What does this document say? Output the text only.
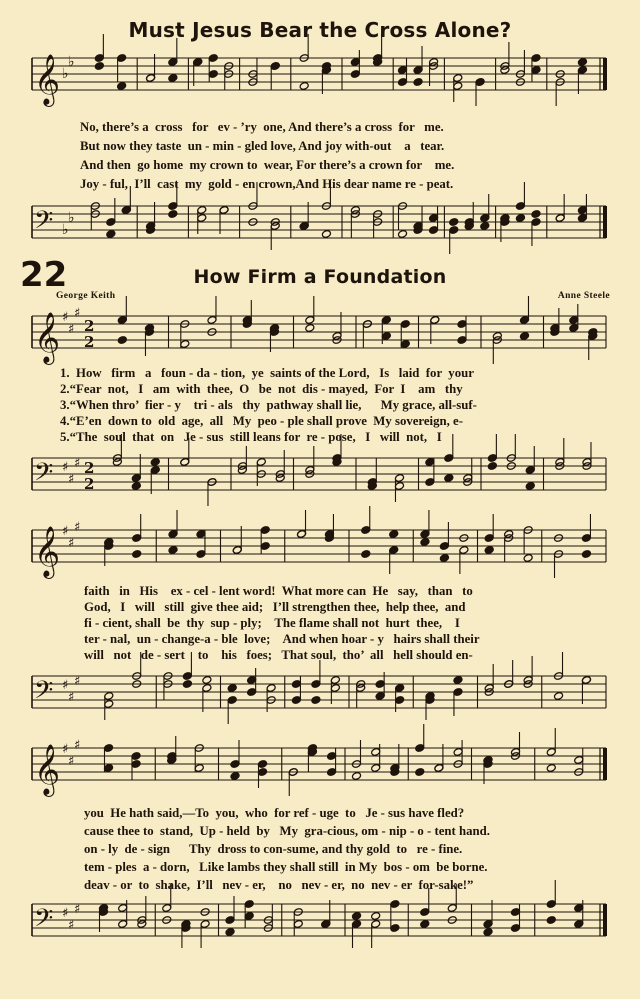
Must Jesus Bear the Cross Alone?
𝄞 ♭
♭
No, there’s a  cross   for   ev - ’ry  one, And there’s a cross  for   me.
But now they taste  un - min - gled love, And joy with-out    a   tear.
And then  go home  my crown to  wear, For there’s a crown for    me.
Joy - ful,  I’ll  cast  my  gold - en crown,And His dear name re - peat.
𝄢 ♭
♭
22	How Firm a Foundation
George Keith	Anne Steele
𝄞 ♯
♯
♯
2
2
1.  How   firm   a   foun - da - tion,  ye  saints of the Lord,   Is   laid  for  your
2.“Fear  not,   I   am  with  thee,  O   be  not  dis - mayed,  For  I    am   thy
3.“When thro’  fier - y    tri - als   thy  pathway shall lie,      My grace, all-suf-
4.“E’en  down to  old  age,  all   My  peo - ple shall prove  My sovereign, e-
5.“The  soul  that  on   Je - sus  still leans for  re - pose,   I   will  not,   I
𝄢 ♯
♯
♯ 2
2
𝄞 ♯
♯
♯
faith   in   His    ex - cel - lent word!  What more can  He   say,   than   to
God,   I   will   still  give thee aid;   I’ll strengthen thee,  help thee,  and
fi - cient, shall  be  thy  sup - ply;    The flame shall not  hurt  thee,    I
ter - nal,  un - change-a - ble  love;    And when hoar - y   hairs shall their
will   not   de - sert    to    his   foes;   That soul,  tho’  all   hell should en-
𝄢 ♯
♯
♯
𝄞 ♯
♯
♯
you  He hath said,—To  you,  who  for ref - uge  to   Je - sus have fled?
cause thee to  stand,  Up - held  by   My  gra-cious, om - nip - o - tent hand.
on - ly  de - sign      Thy  dross to con-sume, and thy gold  to   re - fine.
tem - ples  a - dorn,   Like lambs they shall still  in My  bos - om  be borne.
deav - or  to  shake,  I’ll   nev - er,    no   nev - er,  no  nev - er  for-sake!”
𝄢 ♯
♯
♯
